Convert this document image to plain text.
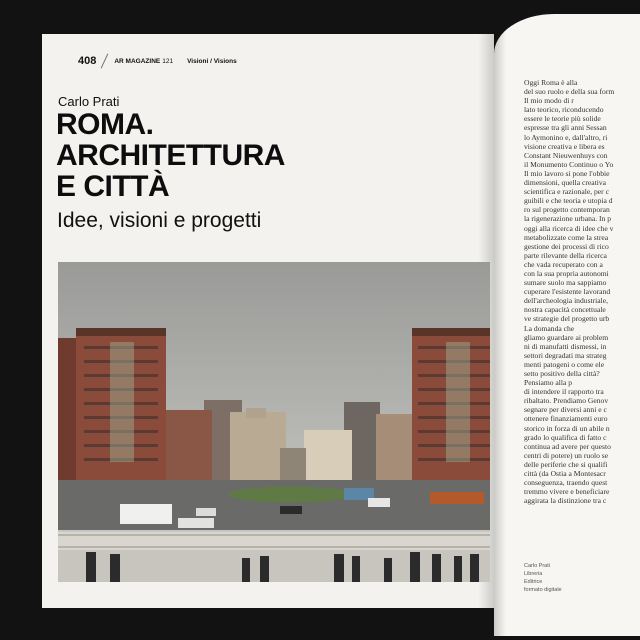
408	AR MAGAZINE 121 Visioni / Visions
Carlo Prati
ROMA.
ARCHITETTURA
E CITTÀ
Idee, visioni e progetti
Oggi Roma è alla
del suo ruolo e della sua form
Il mio modo di r
lato teorico, riconducendo
essere le teorie più solide
espresse tra gli anni Sessan
lo Aymonino e, dall'altro, ri
visione creativa e libera es
Constant Nieuwenhuys con
il Monumento Continuo o Yo
Il mio lavoro si pone l'obbie
dimensioni, quella creativa
scientifica e razionale, per c
guibili e che teoria e utopia d
ro sul progetto contemporan
la rigenerazione urbana. In p
oggi alla ricerca di idee che v
metabolizzate come la strea
gestione dei processi di rico
parte rilevante della ricerca
che vada recuperato con a
con la sua propria autonomi
sumare suolo ma sappiamo
cuperare l'esistente lavorand
dell'archeologia industriale,
nostra capacità concettuale
ve strategie del progetto urb
La domanda che
gliamo guardare ai problem
ni di manufatti dismessi, in
settori degradati ma strateg
menti patogeni o come ele
setto positivo della città?
Pensiamo alla p
di intendere il rapporto tra
ribaltato. Prendiamo Genov
segnare per diversi anni e c
ottenere finanziamenti euro
storico in forza di un abile n
grado lo qualifica di fatto c
continua ad avere per questo
centri di potere) un ruolo se
delle periferie che si qualifi
città (da Ostia a Montesacr
conseguenza, traendo quest
tremmo vivere e beneficiare
aggirata la distinzione tra c
Carlo Prati
Libreria
Editrice
formato digitale
